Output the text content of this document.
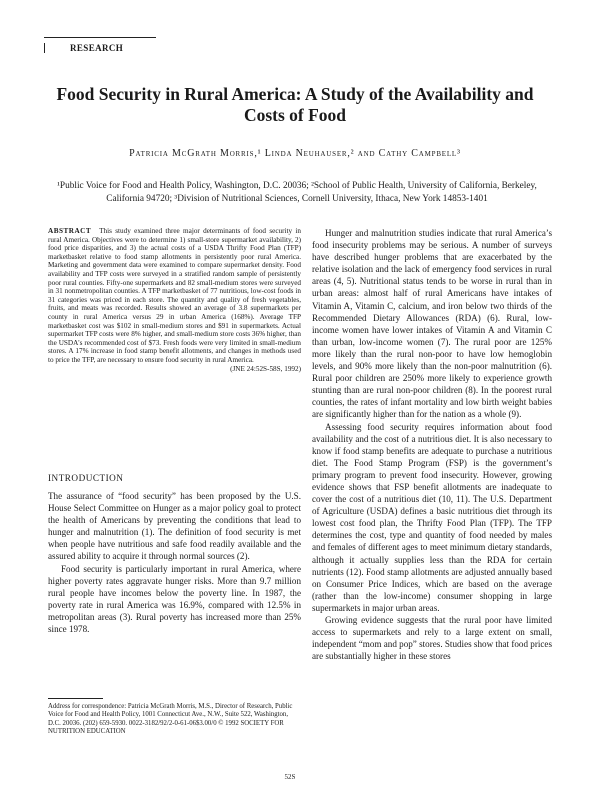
RESEARCH
Food Security in Rural America: A Study of the Availability and Costs of Food
Patricia McGrath Morris,¹ Linda Neuhauser,² and Cathy Campbell³
¹Public Voice for Food and Health Policy, Washington, D.C. 20036; ²School of Public Health, University of California, Berkeley, California 94720; ³Division of Nutritional Sciences, Cornell University, Ithaca, New York 14853-1401
ABSTRACT This study examined three major determinants of food security in rural America. Objectives were to determine 1) small-store supermarket availability, 2) food price disparities, and 3) the actual costs of a USDA Thrifty Food Plan (TFP) marketbasket relative to food stamp allotments in persistently poor rural America. Marketing and government data were examined to compare supermarket density. Food availability and TFP costs were surveyed in a stratified random sample of persistently poor rural counties. Fifty-one supermarkets and 82 small-medium stores were surveyed in 31 nonmetropolitan counties. A TFP marketbasket of 77 nutritious, low-cost foods in 31 categories was priced in each store. The quantity and quality of fresh vegetables, fruits, and meats was recorded. Results showed an average of 3.8 supermarkets per county in rural America versus 29 in urban America (168%). Average TFP marketbasket cost was $102 in small-medium stores and $91 in supermarkets. Actual supermarket TFP costs were 8% higher, and small-medium store costs 36% higher, than the USDA's recommended cost of $73. Fresh foods were very limited in small-medium stores. A 17% increase in food stamp benefit allotments, and changes in methods used to price the TFP, are necessary to ensure food security in rural America.
(JNE 24:52S-58S, 1992)
INTRODUCTION

The assurance of “food security” has been proposed by the U.S. House Select Committee on Hunger as a major policy goal to protect the health of Americans by preventing the conditions that lead to hunger and malnutrition (1). The definition of food security is met when people have nutritious and safe food readily available and the assured ability to acquire it through normal sources (2).

Food security is particularly important in rural America, where higher poverty rates aggravate hunger risks. More than 9.7 million rural people have incomes below the poverty line. In 1987, the poverty rate in rural America was 16.9%, compared with 12.5% in metropolitan areas (3). Rural poverty has increased more than 25% since 1978.

Address for correspondence: Patricia McGrath Morris, M.S., Director of Research, Public Voice for Food and Health Policy, 1001 Connecticut Ave., N.W., Suite 522, Washington, D.C. 20036. (202) 659-5930. 0022-3182/92/2-0-61-06$3.00/0 © 1992 SOCIETY FOR NUTRITION EDUCATION

Hunger and malnutrition studies indicate that rural America’s food insecurity problems may be serious. A number of surveys have described hunger problems that are exacerbated by the relative isolation and the lack of emergency food services in rural areas (4, 5). Nutritional status tends to be worse in rural than in urban areas: almost half of rural Americans have intakes of Vitamin A, Vitamin C, calcium, and iron below two thirds of the Recommended Dietary Allowances (RDA) (6). Rural, low-income women have lower intakes of Vitamin A and Vitamin C than urban, low-income women (7). The rural poor are 125% more likely than the rural non-poor to have low hemoglobin levels, and 90% more likely than the non-poor malnutrition (6). Rural poor children are 250% more likely to experience growth stunting than are rural non-poor children (8). In the poorest rural counties, the rates of infant mortality and low birth weight babies are significantly higher than for the nation as a whole (9).

Assessing food security requires information about food availability and the cost of a nutritious diet. It is also necessary to know if food stamp benefits are adequate to purchase a nutritious diet. The Food Stamp Program (FSP) is the government’s primary program to prevent food insecurity. However, growing evidence shows that FSP benefit allotments are inadequate to cover the cost of a nutritious diet (10, 11). The U.S. Department of Agriculture (USDA) defines a basic nutritious diet through its lowest cost food plan, the Thrifty Food Plan (TFP). The TFP determines the cost, type and quantity of food needed by males and females of different ages to meet minimum dietary standards, although it actually supplies less than the RDA for certain nutrients (12). Food stamp allotments are adjusted annually based on Consumer Price Indices, which are based on the average (rather than the low-income) consumer shopping in large supermarkets in major urban areas.

Growing evidence suggests that the rural poor have limited access to supermarkets and rely to a large extent on small, independent “mom and pop” stores. Studies show that food prices are substantially higher in these stores

52S
